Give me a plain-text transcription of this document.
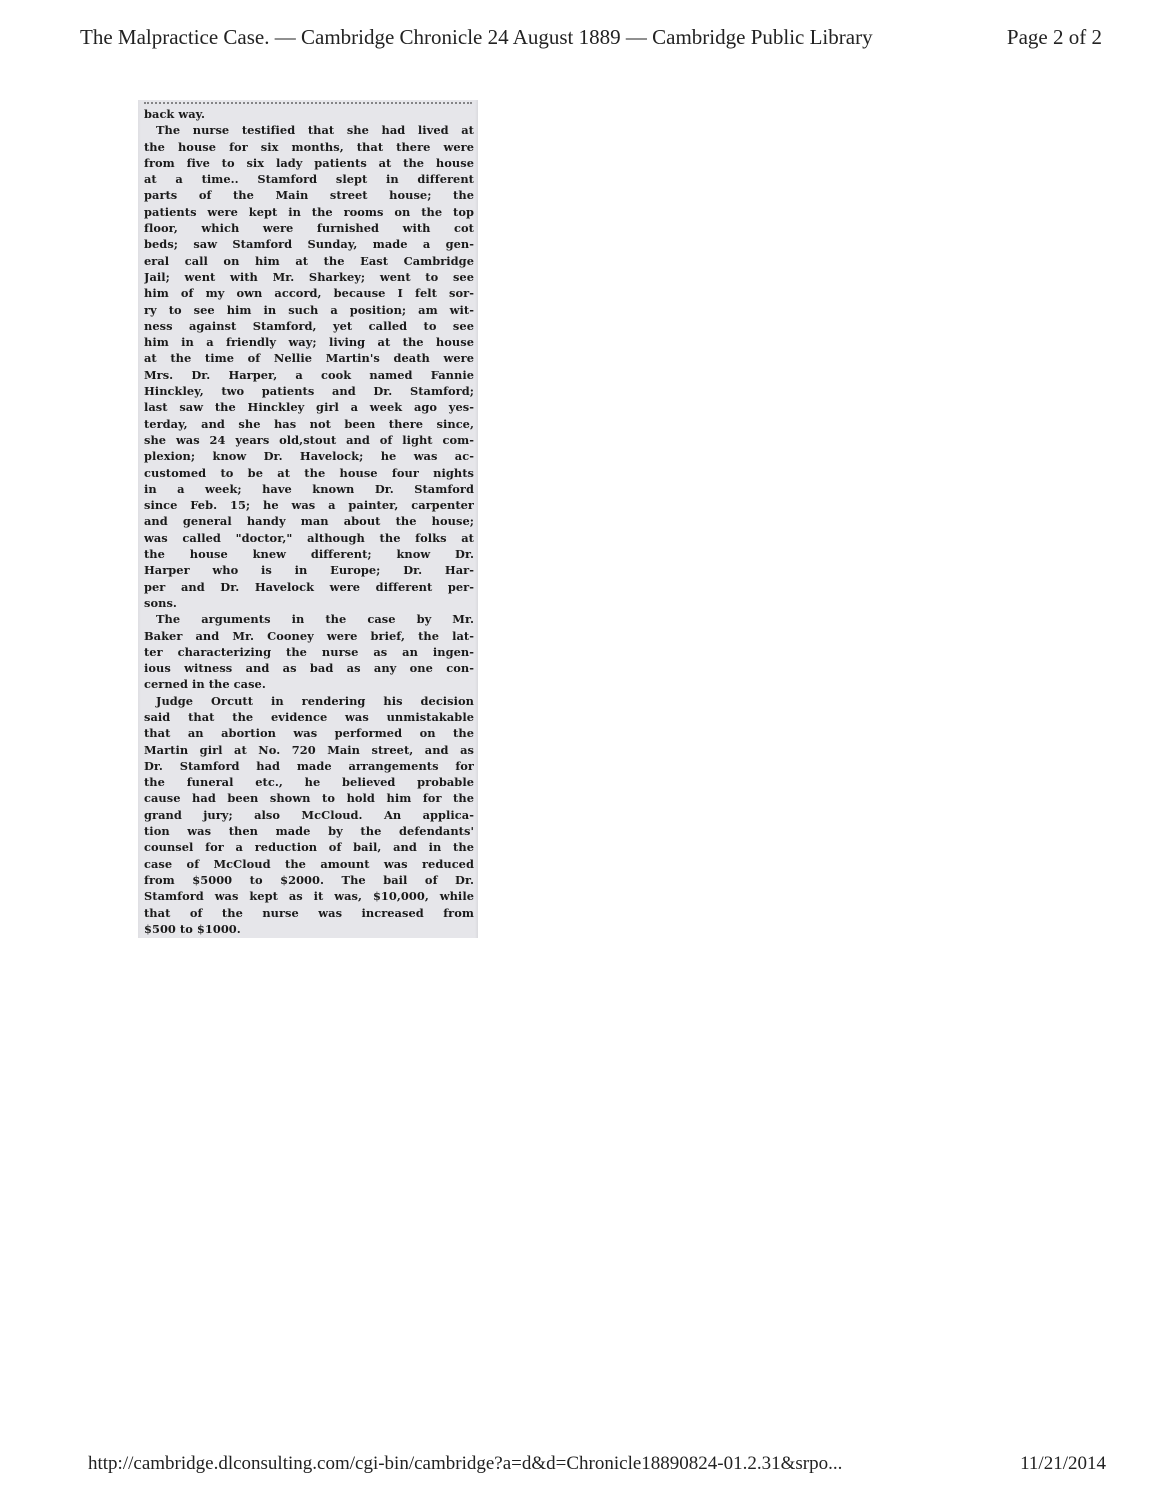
The Malpractice Case. — Cambridge Chronicle 24 August 1889 — Cambridge Public Library	Page 2 of 2
back way.
The nurse testified that she had lived at
the house for six months, that there were
from five to six lady patients at the house
at a time.. Stamford slept in different
parts of the Main street house; the
patients were kept in the rooms on the top
floor, which were furnished with cot
beds; saw Stamford Sunday, made a gen-
eral call on him at the East Cambridge
Jail; went with Mr. Sharkey; went to see
him of my own accord, because I felt sor-
ry to see him in such a position; am wit-
ness against Stamford, yet called to see
him in a friendly way; living at the house
at the time of Nellie Martin's death were
Mrs. Dr. Harper, a cook named Fannie
Hinckley, two patients and Dr. Stamford;
last saw the Hinckley girl a week ago yes-
terday, and she has not been there since,
she was 24 years old,stout and of light com-
plexion; know Dr. Havelock; he was ac-
customed to be at the house four nights
in a week; have known Dr. Stamford
since Feb. 15; he was a painter, carpenter
and general handy man about the house;
was called "doctor," although the folks at
the house knew different; know Dr.
Harper who is in Europe; Dr. Har-
per and Dr. Havelock were different per-
sons.
The arguments in the case by Mr.
Baker and Mr. Cooney were brief, the lat-
ter characterizing the nurse as an ingen-
ious witness and as bad as any one con-
cerned in the case.
Judge Orcutt in rendering his decision
said that the evidence was unmistakable
that an abortion was performed on the
Martin girl at No. 720 Main street, and as
Dr. Stamford had made arrangements for
the funeral etc., he believed probable
cause had been shown to hold him for the
grand jury; also McCloud. An applica-
tion was then made by the defendants'
counsel for a reduction of bail, and in the
case of McCloud the amount was reduced
from $5000 to $2000. The bail of Dr.
Stamford was kept as it was, $10,000, while
that of the nurse was increased from
$500 to $1000.
http://cambridge.dlconsulting.com/cgi-bin/cambridge?a=d&d=Chronicle18890824-01.2.31&srpo...	11/21/2014
